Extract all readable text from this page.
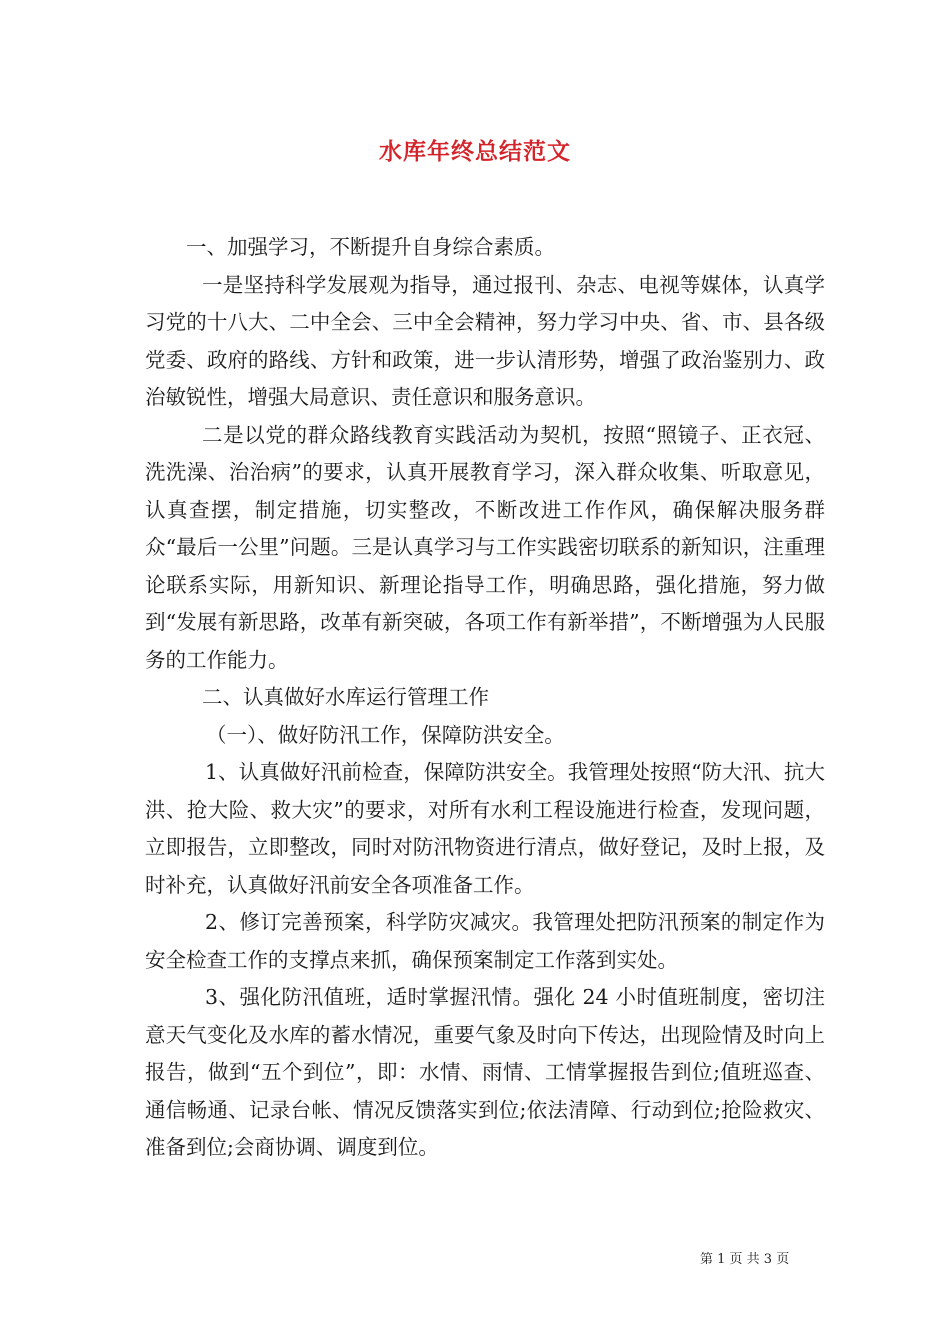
水库年终总结范文

一、加强学习，不断提升自身综合素质。

一是坚持科学发展观为指导，通过报刊、杂志、电视等媒体，认真学习党的十八大、二中全会、三中全会精神，努力学习中央、省、市、县各级党委、政府的路线、方针和政策，进一步认清形势，增强了政治鉴别力、政治敏锐性，增强大局意识、责任意识和服务意识。

二是以党的群众路线教育实践活动为契机，按照“照镜子、正衣冠、洗洗澡、治治病”的要求，认真开展教育学习，深入群众收集、听取意见，认真查摆，制定措施，切实整改，不断改进工作作风，确保解决服务群众“最后一公里”问题。三是认真学习与工作实践密切联系的新知识，注重理论联系实际，用新知识、新理论指导工作，明确思路，强化措施，努力做到“发展有新思路，改革有新突破，各项工作有新举措”，不断增强为人民服务的工作能力。

二、认真做好水库运行管理工作

（一）、做好防汛工作，保障防洪安全。

1、认真做好汛前检查，保障防洪安全。我管理处按照“防大汛、抗大洪、抢大险、救大灾”的要求，对所有水利工程设施进行检查，发现问题，立即报告，立即整改，同时对防汛物资进行清点，做好登记，及时上报，及时补充，认真做好汛前安全各项准备工作。

2、修订完善预案，科学防灾减灾。我管理处把防汛预案的制定作为安全检查工作的支撑点来抓，确保预案制定工作落到实处。

3、强化防汛值班，适时掌握汛情。强化 24 小时值班制度，密切注意天气变化及水库的蓄水情况，重要气象及时向下传达，出现险情及时向上报告，做到“五个到位”，即：水情、雨情、工情掌握报告到位;值班巡查、通信畅通、记录台帐、情况反馈落实到位;依法清障、行动到位;抢险救灾、准备到位;会商协调、调度到位。

第 1 页 共 3 页
